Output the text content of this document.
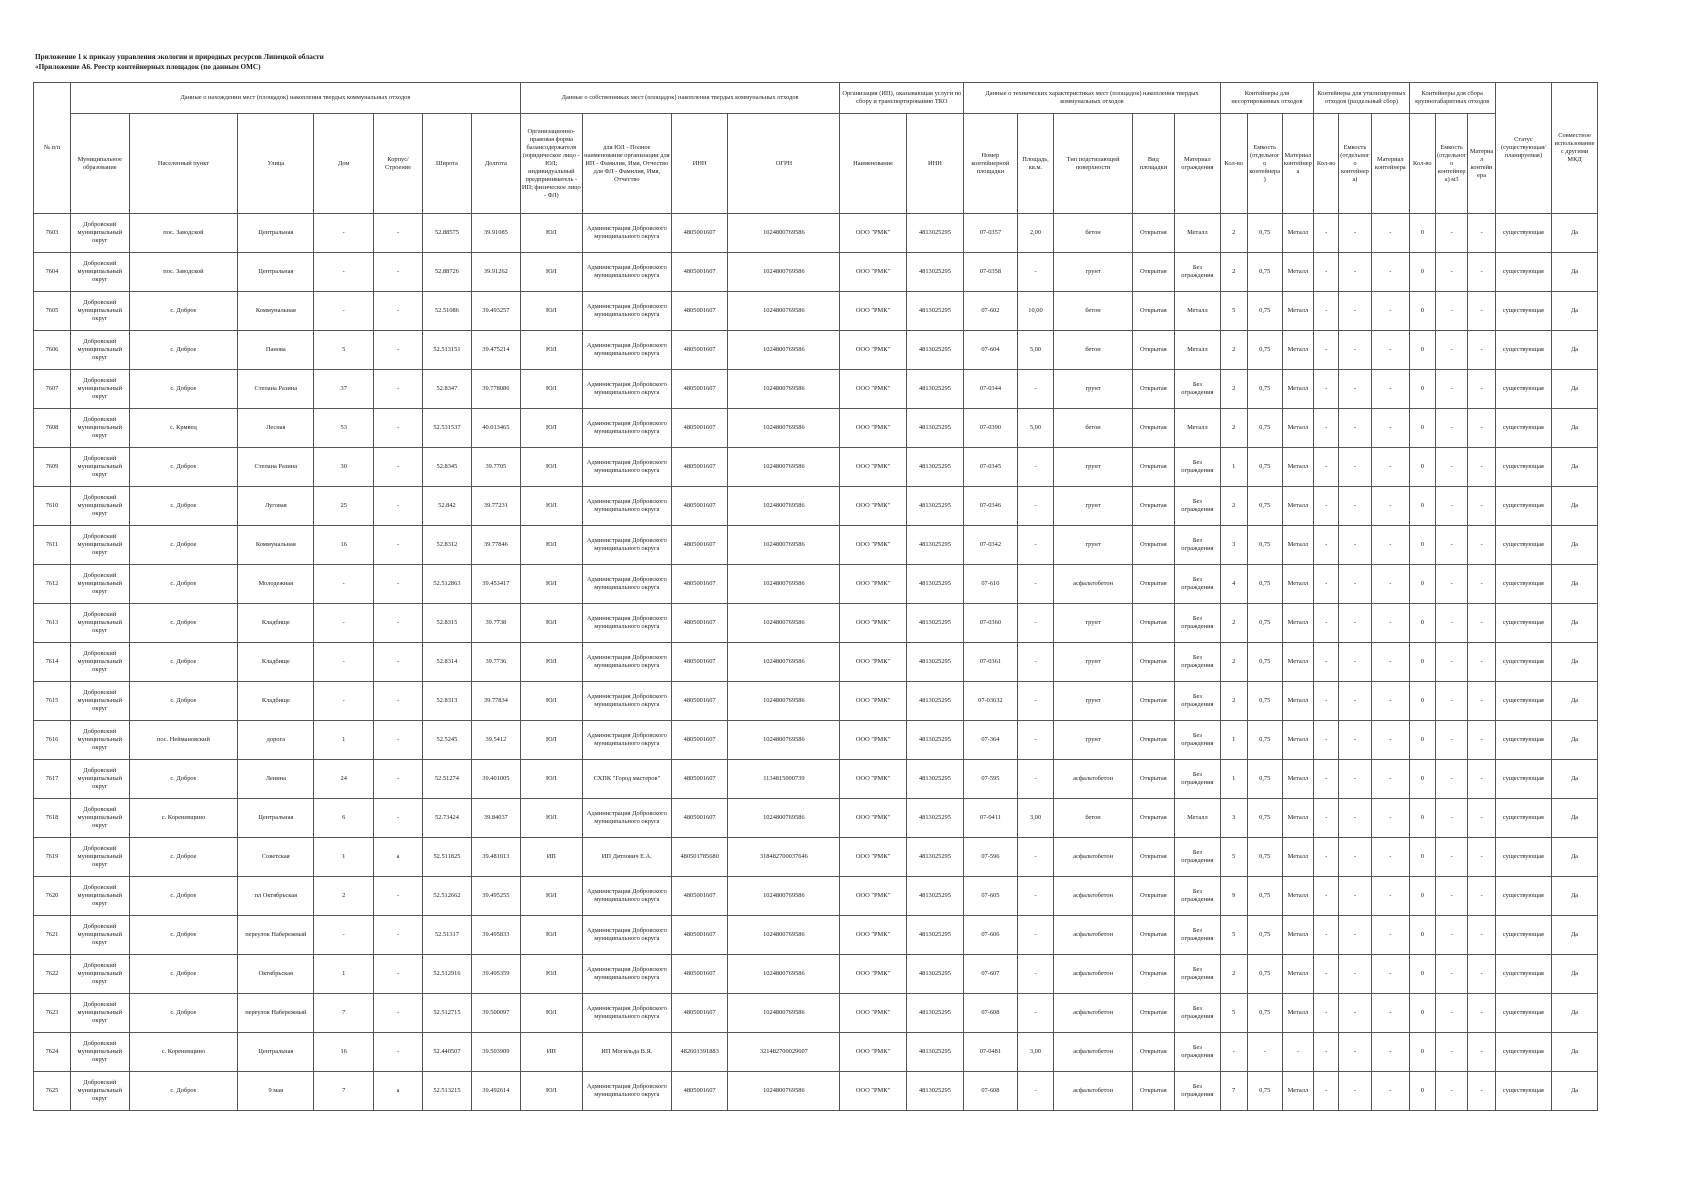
Приложение 1 к приказу управления экологии и природных ресурсов Липецкой области
«Приложение А6. Реестр контейнерных площадок (по данным ОМС)
№ п/п	Данные о нахождении мест (площадок) накопления твердых коммунальных отходов							Данные о собственниках мест (площадок) накопления твердых коммунальных отходов				Организация (ИП), оказывающая услуги по сбору и транспортированию ТКО		Данные о технических характеристиках мест (площадок) накопления твердых коммунальных отходов					Контейнеры для несортированных отходов			Контейнеры для утилизируемых отходов (раздельный сбор)			Контейнеры для сбора крупногабаритных отходов			Статус (существующая/ планируемая)	Совместное использование с другими МКД
	Муниципальное образование	Населенный пункт	Улица	Дом	Корпус/Строение	Широта	Долгота	Организационно-правовая форма балансодержателя (юридическое лицо - ЮЛ; индивидуальный предприниматель - ИП; физическое лицо - ФЛ)	для ЮЛ - Полное наименование организации для ИП - Фамилия, Имя, Отчество для ФЛ - Фамилия, Имя, Отчество	ИНН	ОГРН	Наименование	ИНН	Номер контейнерной площадки	Площадь, кв.м.	Тип подстилающей поверхности	Вид площадки	Материал ограждения	Кол-во	Емкость (отдельного контейнера)	Материал контейнера	Кол-во	Емкость (отдельного контейнера)	Материал контейнера	Кол-во	Емкость (отдельного контейнера) м3	Материал контейнера		
7603	Добровский муниципальный округ	пос. Заводской	Центральная	-	-	52.88575	39.91085	ЮЛ	Администрация Добровского муниципального округа	4805001607	1024800769586	ООО "РМК"	4813025295	07-0357	2,00	бетон	Открытая	Металл	2	0,75	Металл	-	-	-	0	-	-	существующая	Да
7604	Добровский муниципальный округ	пос. Заводской	Центральная	-	-	52.88726	39.91262	ЮЛ	Администрация Добровского муниципального округа	4805001607	1024800769586	ООО "РМК"	4813025295	07-0358	-	грунт	Открытая	Без ограждения	2	0,75	Металл	-	-	-	0	-	-	существующая	Да
7605	Добровский муниципальный округ	с. Доброе	Коммунальная	-	-	52.51086	39.493257	ЮЛ	Администрация Добровского муниципального округа	4805001607	1024800769586	ООО "РМК"	4813025295	07-602	10,00	бетон	Открытая	Металл	5	0,75	Металл	-	-	-	0	-	-	существующая	Да
7606	Добровский муниципальный округ	с. Доброе	Панова	5	-	52.513151	39.475214	ЮЛ	Администрация Добровского муниципального округа	4805001607	1024800769586	ООО "РМК"	4813025295	07-604	5,00	бетон	Открытая	Металл	2	0,75	Металл	-	-	-	0	-	-	существующая	Да
7607	Добровский муниципальный округ	с. Доброе	Степана Разина	37	-	52.8347	39.778086	ЮЛ	Администрация Добровского муниципального округа	4805001607	1024800769586	ООО "РМК"	4813025295	07-0344	-	грунт	Открытая	Без ограждения	2	0,75	Металл	-	-	-	0	-	-	существующая	Да
7608	Добровский муниципальный округ	с. Крмвец	Лесная	53	-	52.531537	40.013465	ЮЛ	Администрация Добровского муниципального округа	4805001607	1024800769586	ООО "РМК"	4813025295	07-0390	5,00	бетон	Открытая	Металл	2	0,75	Металл	-	-	-	0	-	-	существующая	Да
7609	Добровский муниципальный округ	с. Доброе	Степана Разина	30	-	52.8345	39.7705	ЮЛ	Администрация Добровского муниципального округа	4805001607	1024800769586	ООО "РМК"	4813025295	07-0345	-	грунт	Открытая	Без ограждения	1	0,75	Металл	-	-	-	0	-	-	существующая	Да
7610	Добровский муниципальный округ	с. Доброе	Луговая	25	-	52.842	39.77231	ЮЛ	Администрация Добровского муниципального округа	4805001607	1024800769586	ООО "РМК"	4813025295	07-0346	-	грунт	Открытая	Без ограждения	2	0,75	Металл	-	-	-	0	-	-	существующая	Да
7611	Добровский муниципальный округ	с. Доброе	Коммунальная	16	-	52.8312	39.77846	ЮЛ	Администрация Добровского муниципального округа	4805001607	1024800769586	ООО "РМК"	4813025295	07-0342	-	грунт	Открытая	Без ограждения	3	0,75	Металл	-	-	-	0	-	-	существующая	Да
7612	Добровский муниципальный округ	с. Доброе	Молодежная	-	-	52.512863	39.453417	ЮЛ	Администрация Добровского муниципального округа	4805001607	1024800769586	ООО "РМК"	4813025295	07-610	-	асфальтобетон	Открытая	Без ограждения	4	0,75	Металл	-	-	-	0	-	-	существующая	Да
7613	Добровский муниципальный округ	с. Доброе	Кладбище	-	-	52.8315	39.7738	ЮЛ	Администрация Добровского муниципального округа	4805001607	1024800769586	ООО "РМК"	4813025295	07-0360	-	грунт	Открытая	Без ограждения	2	0,75	Металл	-	-	-	0	-	-	существующая	Да
7614	Добровский муниципальный округ	с. Доброе	Кладбище	-	-	52.8314	39.7736	ЮЛ	Администрация Добровского муниципального округа	4805001607	1024800769586	ООО "РМК"	4813025295	07-0361	-	грунт	Открытая	Без ограждения	2	0,75	Металл	-	-	-	0	-	-	существующая	Да
7615	Добровский муниципальный округ	с. Доброе	Кладбище	-	-	52.8313	39.77834	ЮЛ	Администрация Добровского муниципального округа	4805001607	1024800769586	ООО "РМК"	4813025295	07-03632	-	грунт	Открытая	Без ограждения	2	0,75	Металл	-	-	-	0	-	-	существующая	Да
7616	Добровский муниципальный округ	пос. Неймановский	дорога	1	-	52.5245	39.5412	ЮЛ	Администрация Добровского муниципального округа	4805001607	1024800769586	ООО "РМК"	4813025295	07-364	-	грунт	Открытая	Без ограждения	1	0,75	Металл	-	-	-	0	-	-	существующая	Да
7617	Добровский муниципальный округ	с. Доброе	Ленина	24	-	52.51274	39.401005	ЮЛ	СХПК "Город мастеров"	4805001607	1134815000739	ООО "РМК"	4813025295	07-595	-	асфальтобетон	Открытая	Без ограждения	1	0,75	Металл	-	-	-	0	-	-	существующая	Да
7618	Добровский муниципальный округ	с. Кореневщино	Центральная	6	-	52.73424	39.84037	ЮЛ	Администрация Добровского муниципального округа	4805001607	1024800769586	ООО "РМК"	4813025295	07-0411	3,00	бетон	Открытая	Металл	3	0,75	Металл	-	-	-	0	-	-	существующая	Да
7619	Добровский муниципальный округ	с. Доброе	Советская	1	а	52.511825	39.481013	ИП	ИП Дятлович Е.А.	480501785680	318482700037646	ООО "РМК"	4813025295	07-596	-	асфальтобетон	Открытая	Без ограждения	5	0,75	Металл	-	-	-	0	-	-	существующая	Да
7620	Добровский муниципальный округ	с. Доброе	пл Октябрьская	2	-	52.512662	39.495255	ЮЛ	Администрация Добровского муниципального округа	4805001607	1024800769586	ООО "РМК"	4813025295	07-605	-	асфальтобетон	Открытая	Без ограждения	9	0,75	Металл	-	-	-	0	-	-	существующая	Да
7621	Добровский муниципальный округ	с. Доброе	переулок Набережный	-	-	52.51317	39.495833	ЮЛ	Администрация Добровского муниципального округа	4805001607	1024800769586	ООО "РМК"	4813025295	07-606	-	асфальтобетон	Открытая	Без ограждения	5	0,75	Металл	-	-	-	0	-	-	существующая	Да
7622	Добровский муниципальный округ	с. Доброе	Октябрьская	1	-	52.512916	39.495359	ЮЛ	Администрация Добровского муниципального округа	4805001607	1024800769586	ООО "РМК"	4813025295	07-607	-	асфальтобетон	Открытая	Без ограждения	2	0,75	Металл	-	-	-	0	-	-	существующая	Да
7623	Добровский муниципальный округ	с. Доброе	переулок Набережный	7	-	52.512715	39.500097	ЮЛ	Администрация Добровского муниципального округа	4805001607	1024800769586	ООО "РМК"	4813025295	07-608	-	асфальтобетон	Открытая	Без ограждения	5	0,75	Металл	-	-	-	0	-	-	существующая	Да
7624	Добровский муниципальный округ	с. Кореневщино	Центральная	16	-	52.440507	39.503909	ИП	ИП Могильда В.Я.	482601391883	321482700029607	ООО "РМК"	4813025295	07-0481	3,00	асфальтобетон	Открытая	Без ограждения	-	-	-	-	-	-	0	-	-	существующая	Да
7625	Добровский муниципальный округ	с. Доброе	9 мая	7	а	52.513215	39.492614	ЮЛ	Администрация Добровского муниципального округа	4805001607	1024800769586	ООО "РМК"	4813025295	07-608	-	асфальтобетон	Открытая	Без ограждения	7	0,75	Металл	-	-	-	0	-	-	существующая	Да
